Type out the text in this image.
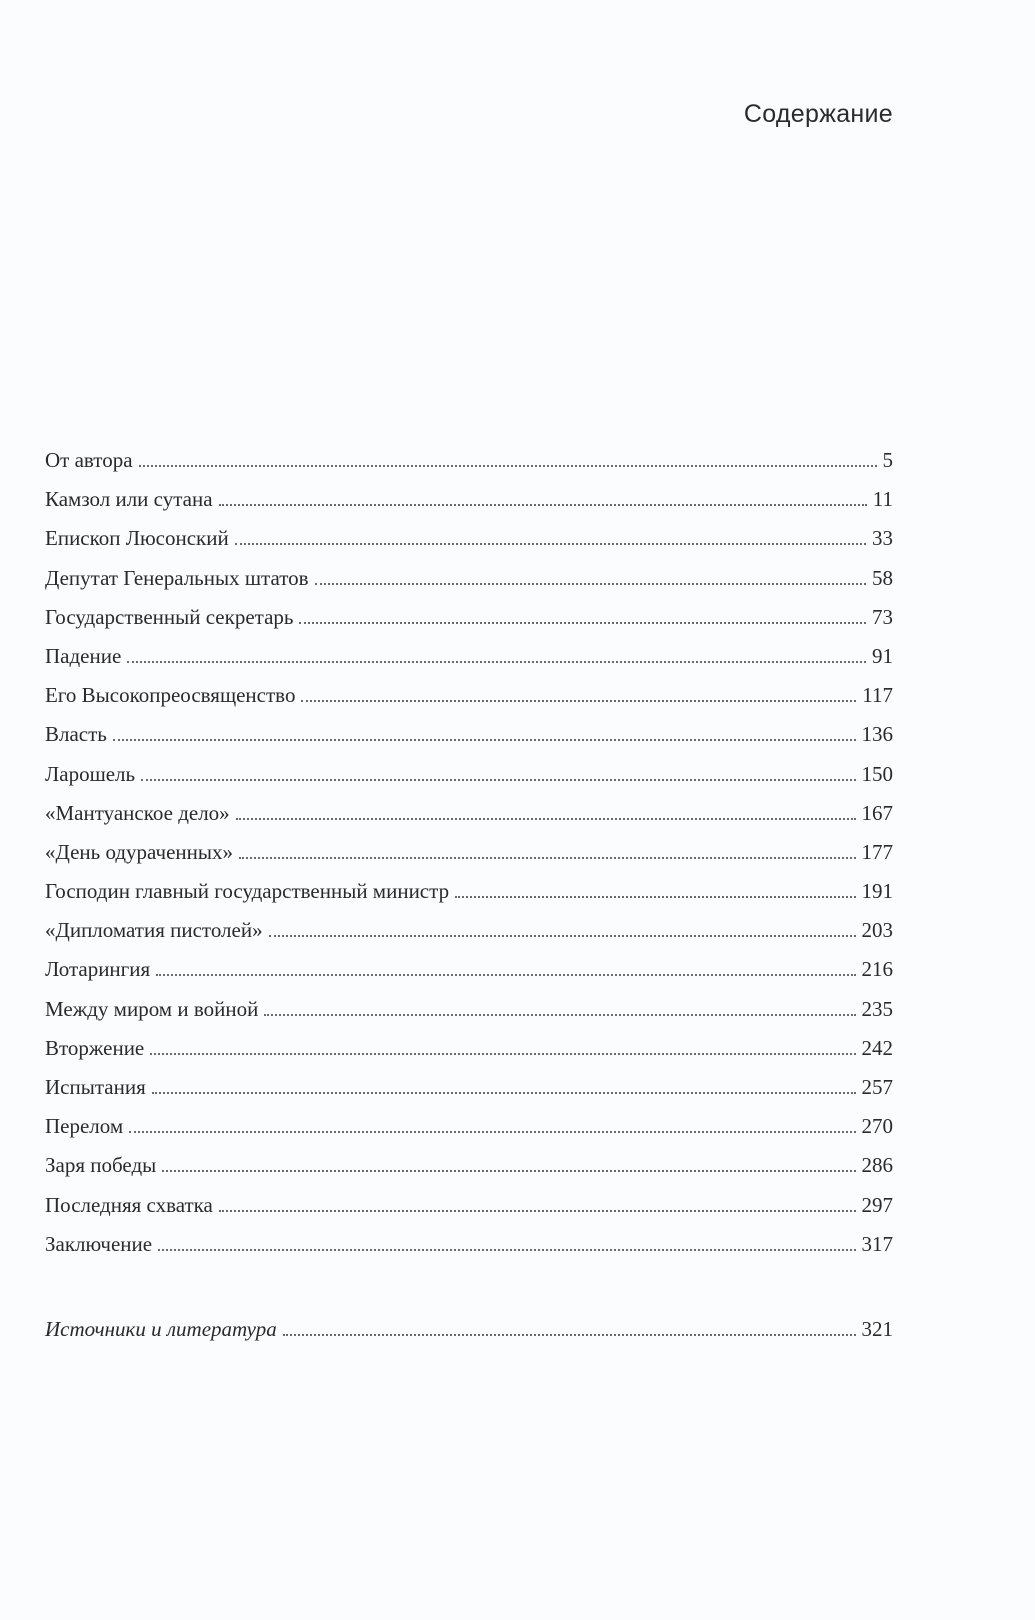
Содержание
От автора	5
Камзол или сутана	11
Епископ Люсонский	33
Депутат Генеральных штатов	58
Государственный секретарь	73
Падение	91
Его Высокопреосвященство	117
Власть	136
Ларошель	150
«Мантуанское дело»	167
«День одураченных»	177
Господин главный государственный министр	191
«Дипломатия пистолей»	203
Лотарингия	216
Между миром и войной	235
Вторжение	242
Испытания	257
Перелом	270
Заря победы	286
Последняя схватка	297
Заключение	317
Источники и литература	321
